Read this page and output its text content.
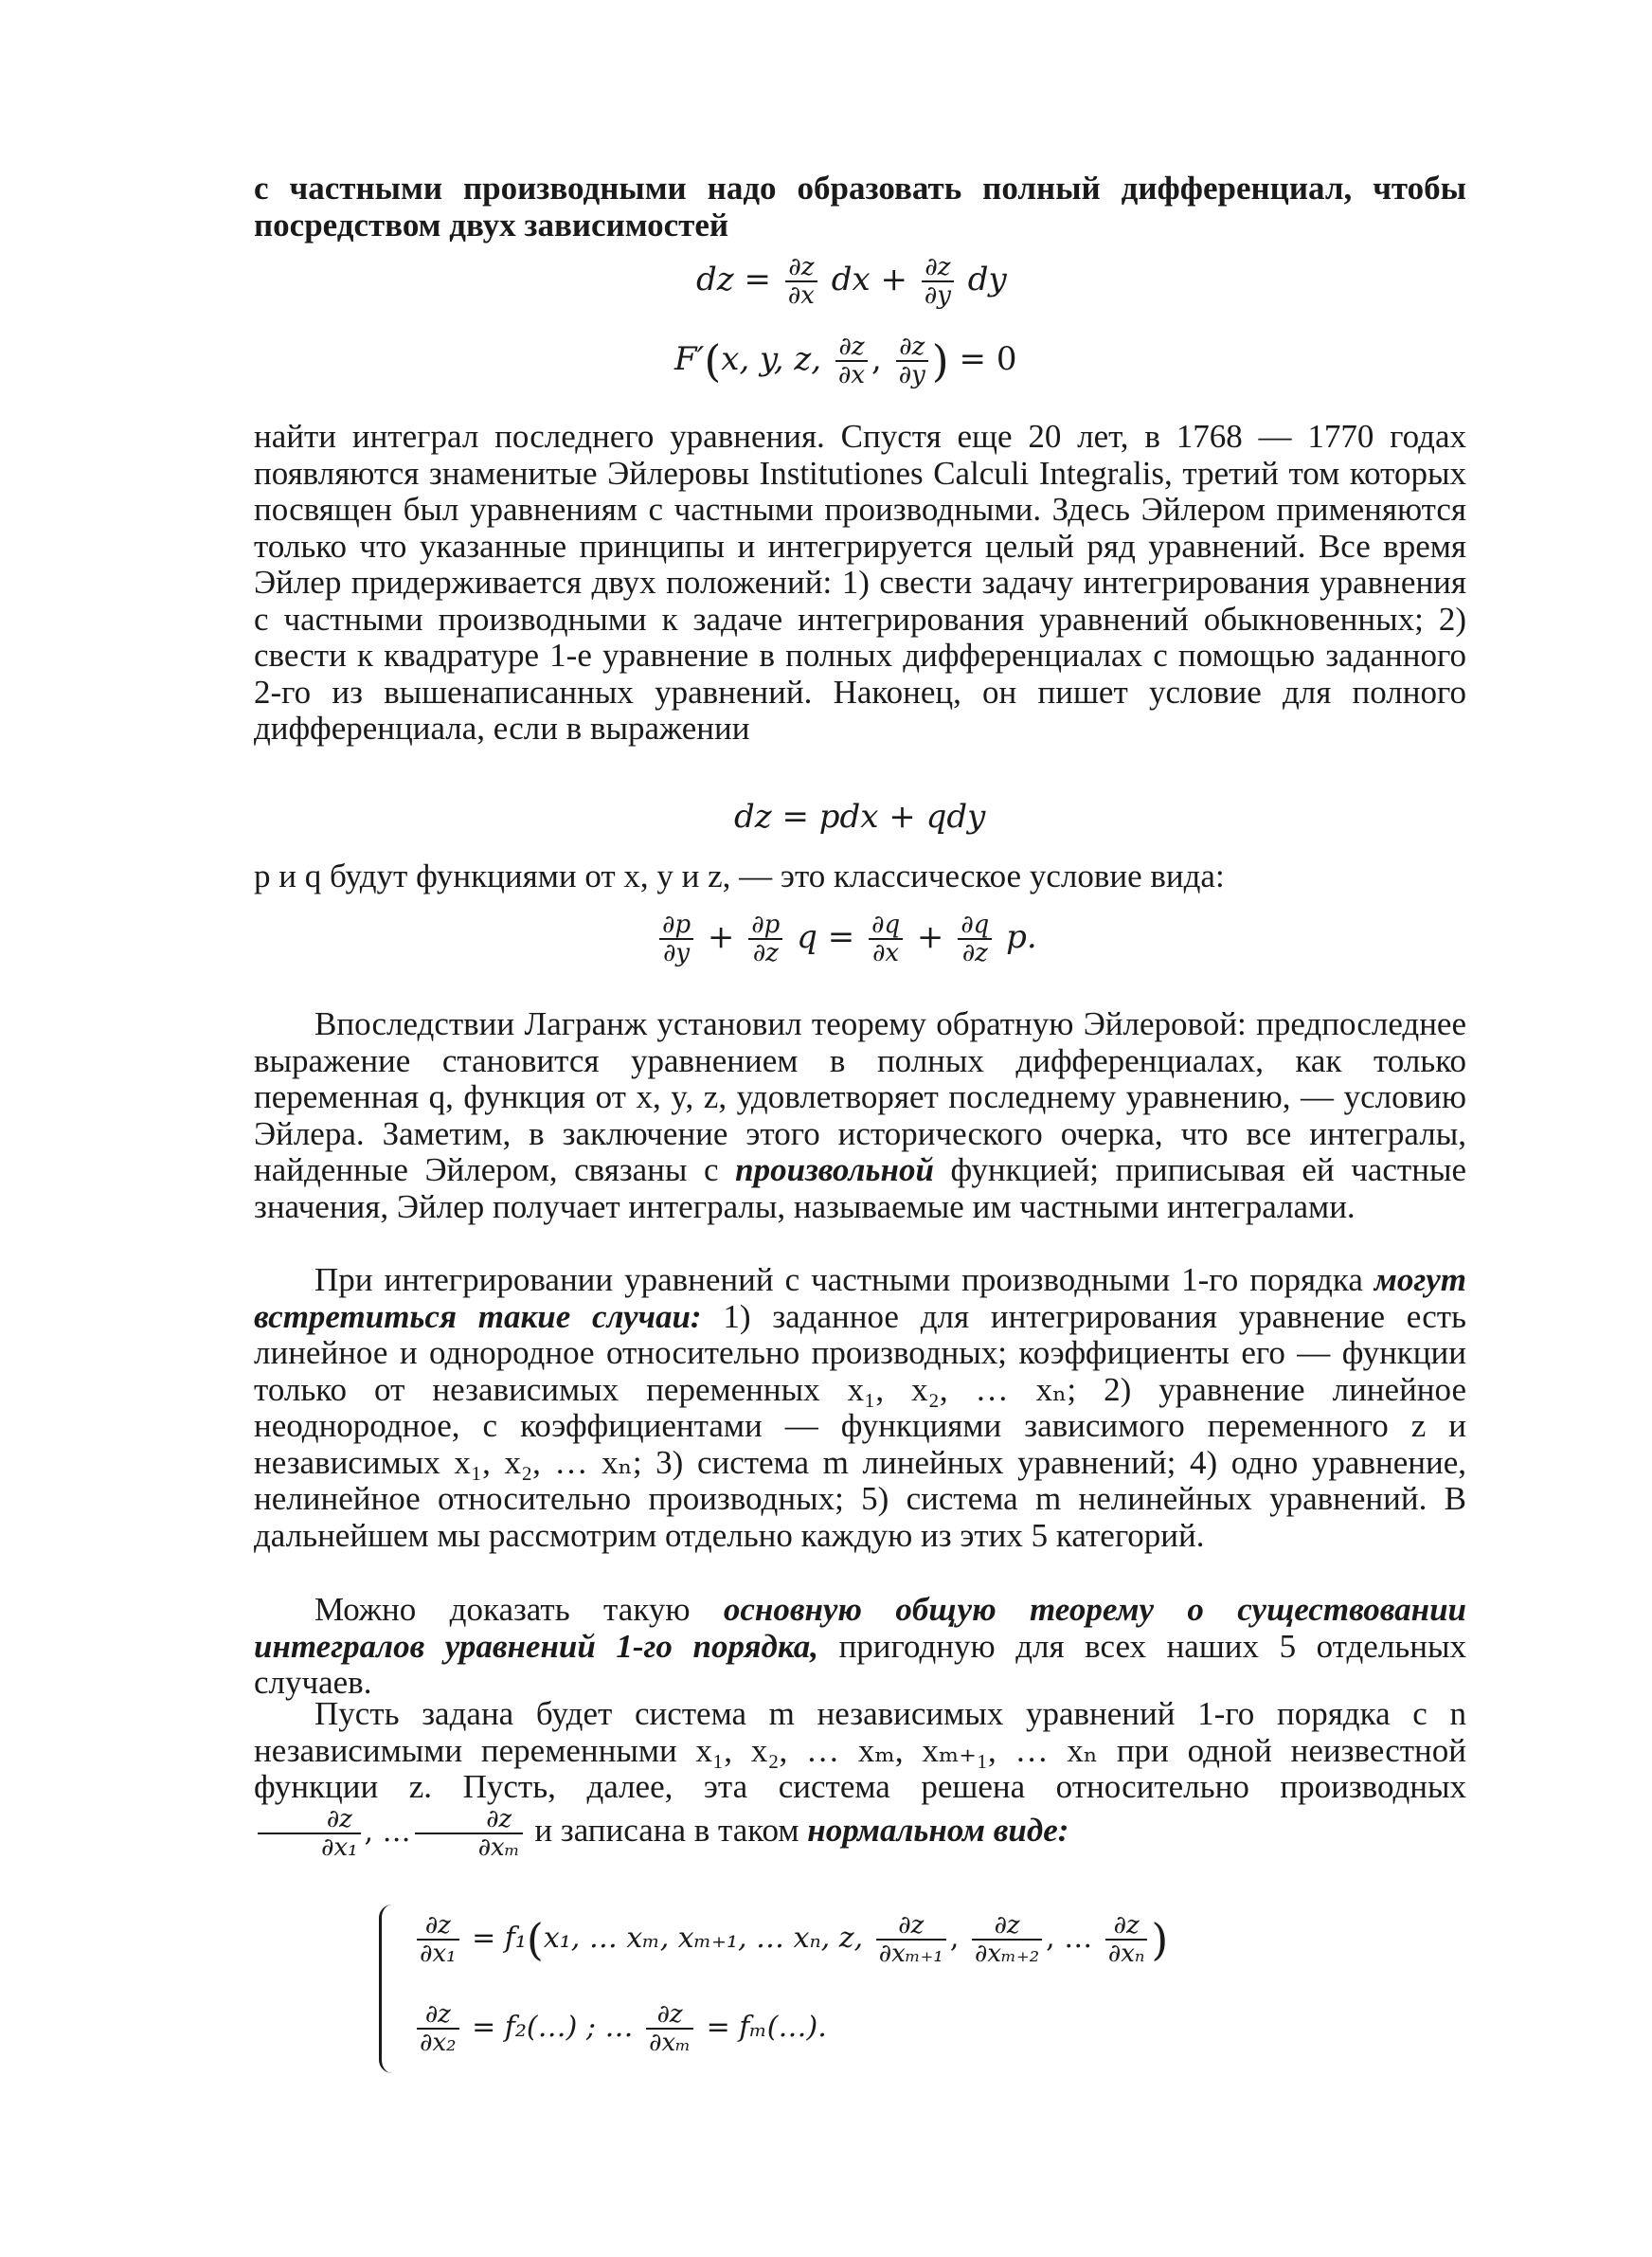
с частными производными надо образовать полный дифференциал, чтобы посредством двух зависимостей

dz = $\frac{\partial z}{\partial x}$ dx + $\frac{\partial z}{\partial y}$ dy
F′(x, y, z, $\frac{\partial z}{\partial x}$ , $\frac{\partial z}{\partial y}$ ) = 0

найти интеграл последнего уравнения. Спустя еще 20 лет, в 1768 — 1770 годах появляются знаменитые Эйлеровы Institutiones Calculi Integralis, третий том которых посвящен был уравнениям с частными производными. Здесь Эйлером применяются только что указанные принципы и интегрируется целый ряд уравнений. Все время Эйлер придерживается двух положений: 1) свести задачу интегрирования уравнения с частными производными к задаче интегрирования уравнений обыкновенных; 2) свести к квадратуре 1-е уравнение в полных дифференциалах с помощью заданного 2-го из вышенаписанных уравнений. Наконец, он пишет условие для полного дифференциала, если в выражении

dz = pdx + qdy

p и q будут функциями от x, y и z, — это классическое условие вида:

$\frac{\partial p}{\partial y} + \frac{\partial p}{\partial z}$ $q = \frac{\partial q}{\partial x} + \frac{\partial q}{\partial z} p$.

Впоследствии Лагранж установил теорему обратную Эйлеровой: предпоследнее выражение становится уравнением в полных дифференциалах, как только переменная q, функция от x, y, z, удовлетворяет последнему уравнению, — условию Эйлера. Заметим, в заключение этого исторического очерка, что все интегралы, найденные Эйлером, связаны с произвольной функцией; приписывая ей частные значения, Эйлер получает интегралы, называемые им частными интегралами.

При интегрировании уравнений с частными производными 1-го порядка могут встретиться такие случаи: 1) заданное для интегрирования уравнение есть линейное и однородное относительно производных; коэффициенты его — функции только от независимых переменных x₁, x₂, … xₙ; 2) уравнение линейное неоднородное, с коэффициентами — функциями зависимого переменного z и независимых x₁, x₂, … xₙ; 3) система m линейных уравнений; 4) одно уравнение, нелинейное относительно производных; 5) система m нелинейных уравнений. В дальнейшем мы рассмотрим отдельно каждую из этих 5 категорий.

Можно доказать такую основную общую теорему о существовании интегралов уравнений 1-го порядка, пригодную для всех наших 5 отдельных случаев.

Пусть задана будет система m независимых уравнений 1-го порядка с n независимыми переменными x₁, x₂, … xₘ, xₘ₊₁, … xₙ при одной неизвестной функции z. Пусть, далее, эта система решена относительно производных
$\frac{\partial z}{\text{∂x₁}}$ , … $\frac{\partial z}{\text{∂xₘ}}$ и записана в таком нормальном виде:

$\frac{\partial z}{\text{∂x₁}} = f_1(x_1$, … xₘ, xₘ₊₁, … xₙ, z, $\frac{\partial z}{\text{∂xₘ₊₁}}$ , $\frac{\partial z}{\text{∂xₘ₊₂}}$ , … $\frac{\partial z}{\text{∂xₙ}}$ )
$\frac{\partial z}{\text{∂x₂}}$ = f₂(…) ; … $\frac{\partial z}{\text{∂xₘ}}$ = fₘ(…).
